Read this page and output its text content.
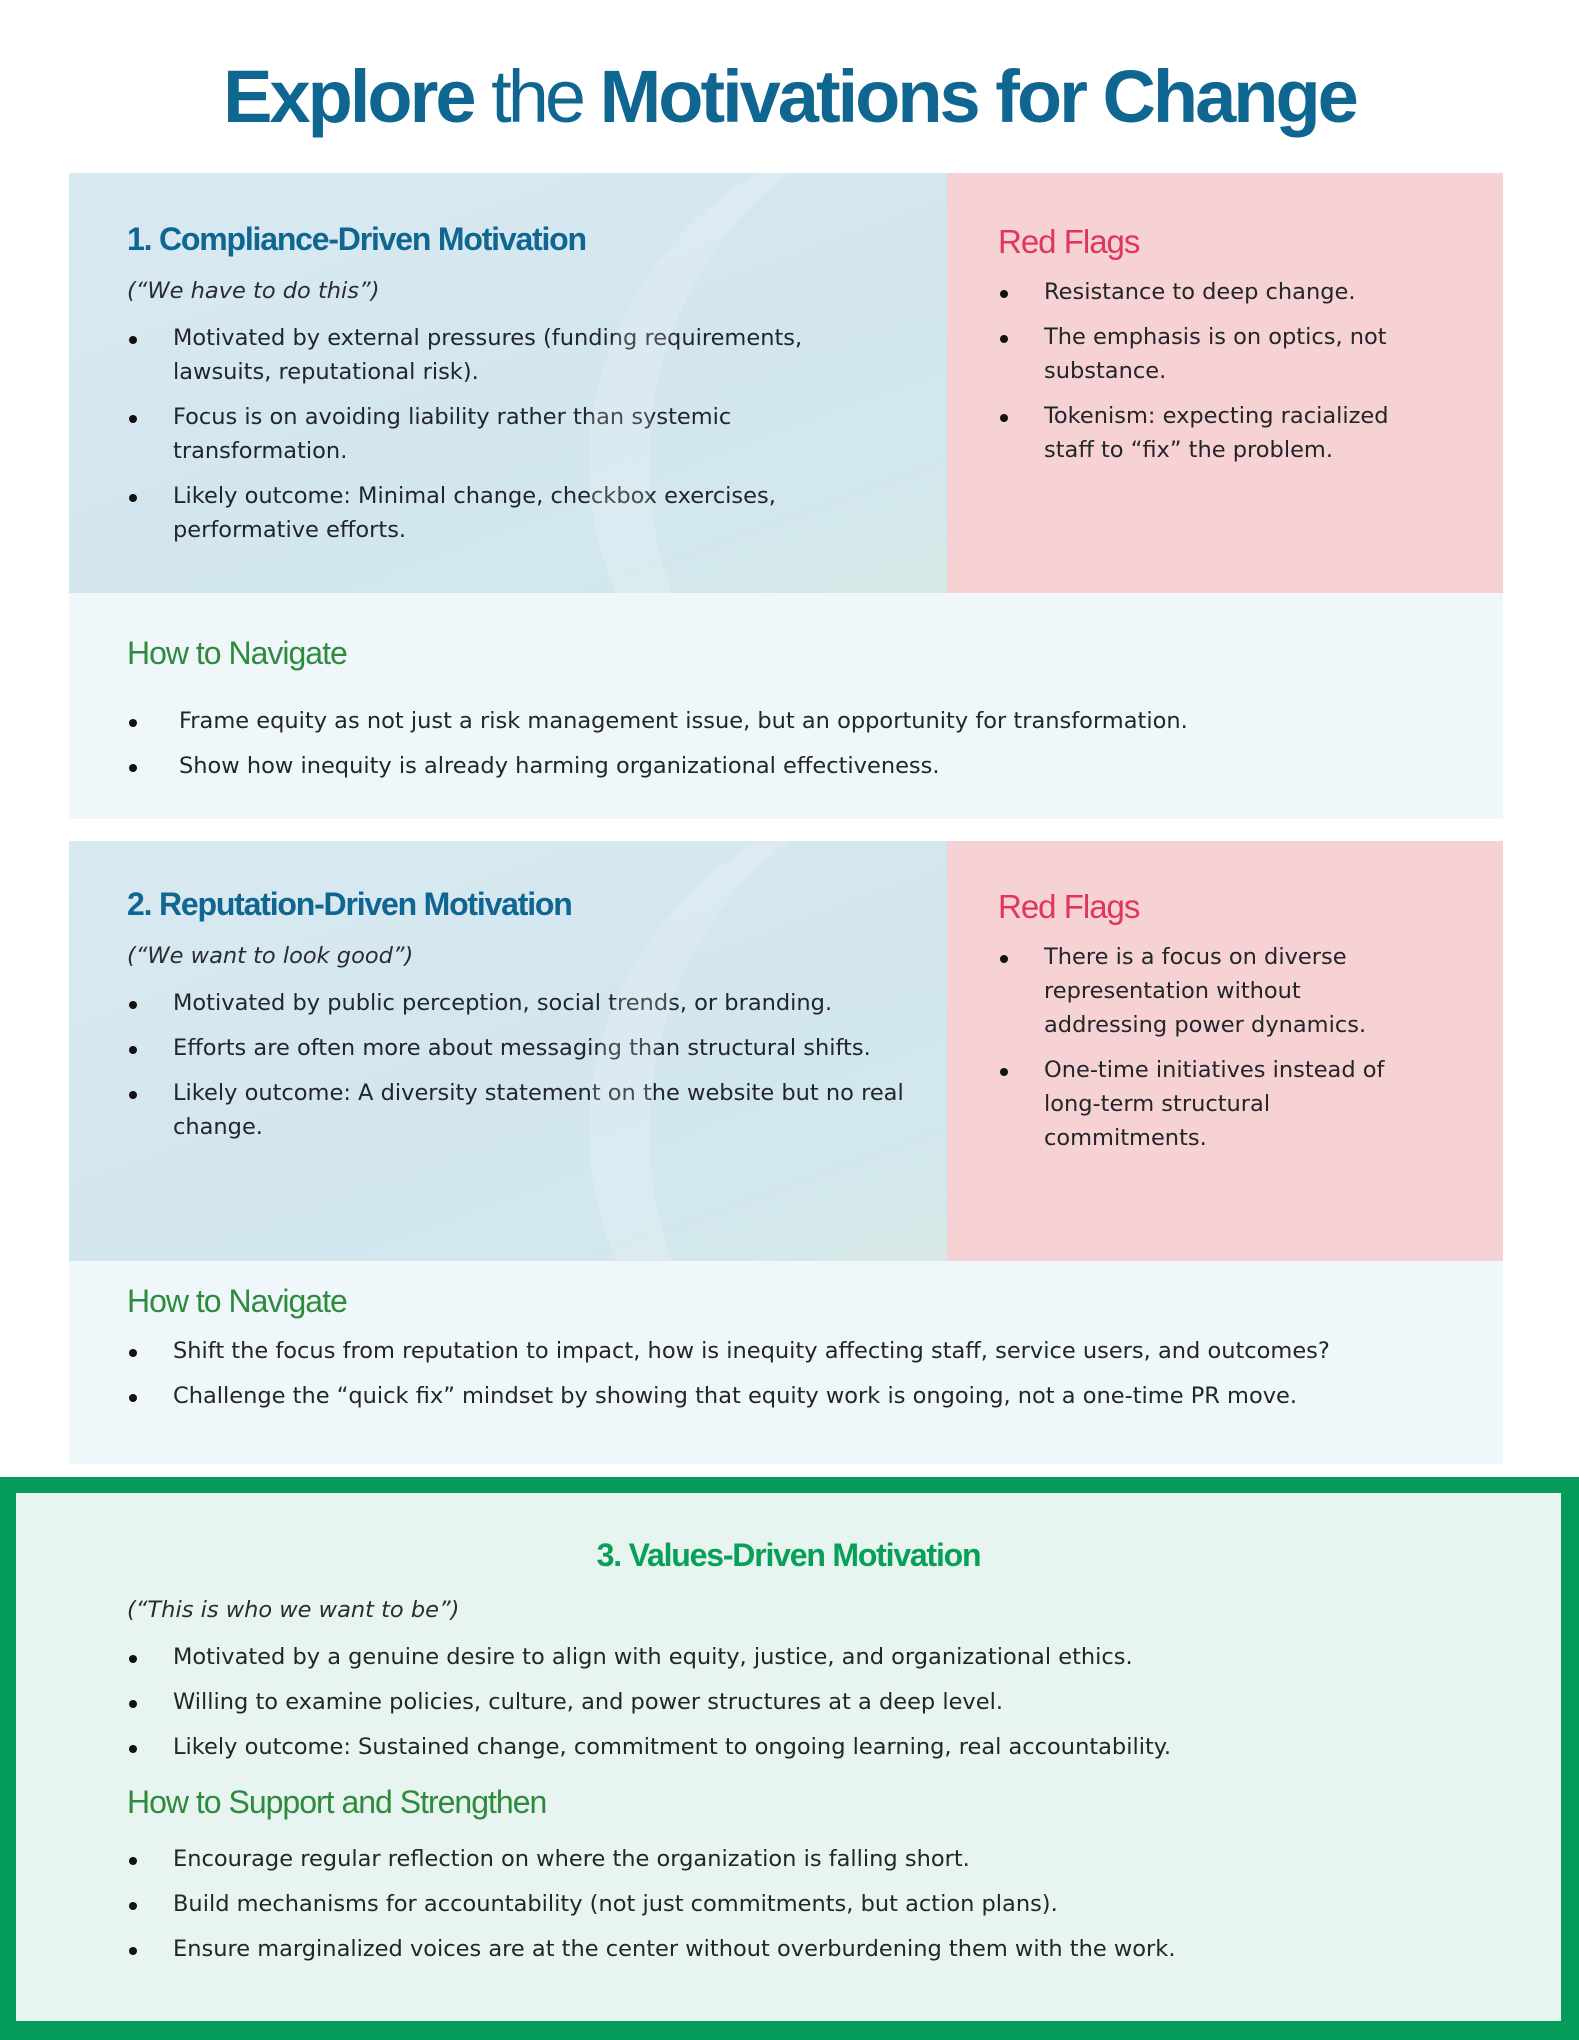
Explore the Motivations for Change
1. Compliance-Driven Motivation

(“We have to do this”)

Motivated by external pressures (funding requirements, lawsuits, reputational risk).
Focus is on avoiding liability rather than systemic transformation.
Likely outcome: Minimal change, checkbox exercises, performative efforts.
Red Flags
Resistance to deep change.
The emphasis is on optics, not substance.
Tokenism: expecting racialized staff to “fix” the problem.
How to Navigate
Frame equity as not just a risk management issue, but an opportunity for transformation.
Show how inequity is already harming organizational effectiveness.
2. Reputation-Driven Motivation

(“We want to look good”)

Motivated by public perception, social trends, or branding.
Efforts are often more about messaging than structural shifts.
Likely outcome: A diversity statement on the website but no real change.
Red Flags
There is a focus on diverse representation without addressing power dynamics.
One-time initiatives instead of long-term structural commitments.
How to Navigate
Shift the focus from reputation to impact, how is inequity affecting staff, service users, and outcomes?
Challenge the “quick fix” mindset by showing that equity work is ongoing, not a one-time PR move.
3. Values-Driven Motivation

(“This is who we want to be”)

Motivated by a genuine desire to align with equity, justice, and organizational ethics.
Willing to examine policies, culture, and power structures at a deep level.
Likely outcome: Sustained change, commitment to ongoing learning, real accountability.
How to Support and Strengthen
Encourage regular reflection on where the organization is falling short.
Build mechanisms for accountability (not just commitments, but action plans).
Ensure marginalized voices are at the center without overburdening them with the work.
